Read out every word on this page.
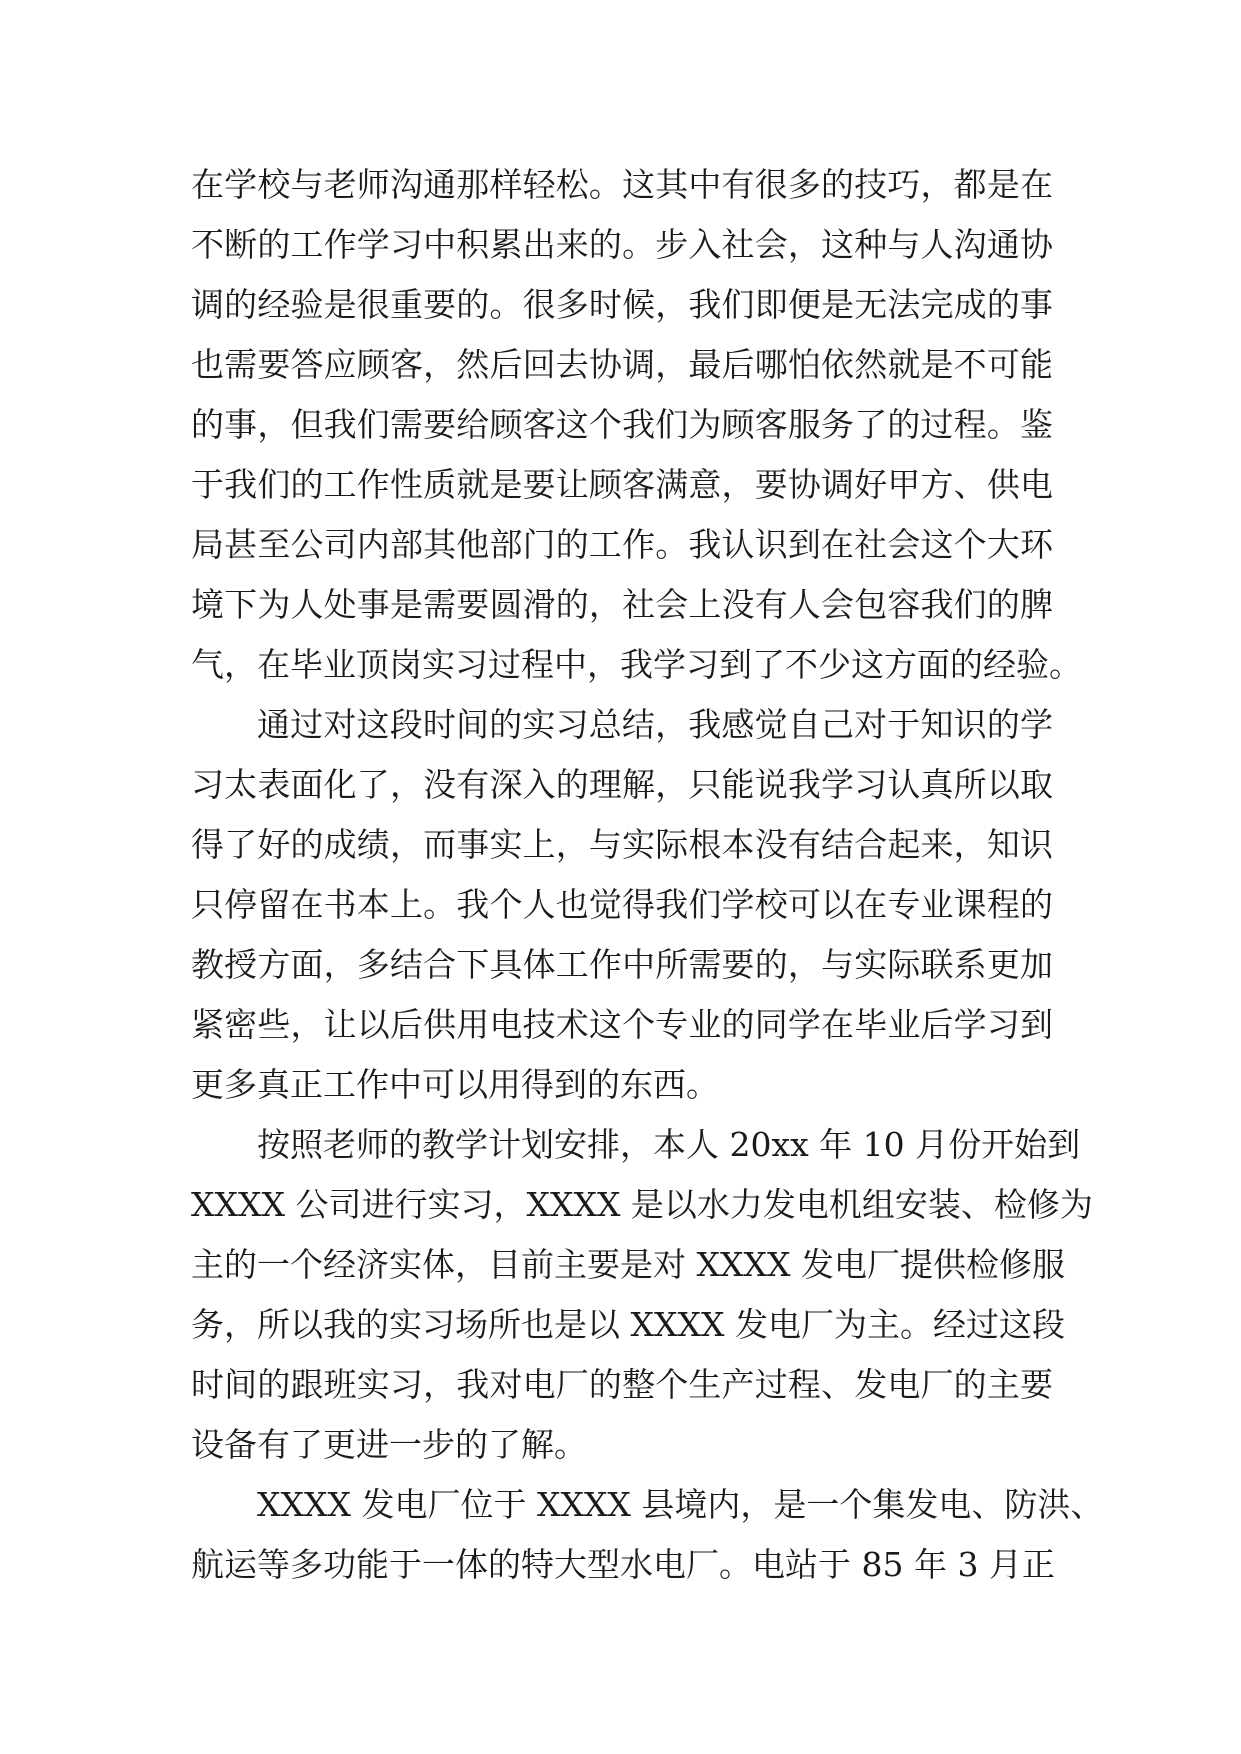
在学校与老师沟通那样轻松。这其中有很多的技巧，都是在
不断的工作学习中积累出来的。步入社会，这种与人沟通协
调的经验是很重要的。很多时候，我们即便是无法完成的事
也需要答应顾客，然后回去协调，最后哪怕依然就是不可能
的事，但我们需要给顾客这个我们为顾客服务了的过程。鉴
于我们的工作性质就是要让顾客满意，要协调好甲方、供电
局甚至公司内部其他部门的工作。我认识到在社会这个大环
境下为人处事是需要圆滑的，社会上没有人会包容我们的脾
气，在毕业顶岗实习过程中，我学习到了不少这方面的经验。
通过对这段时间的实习总结，我感觉自己对于知识的学
习太表面化了，没有深入的理解，只能说我学习认真所以取
得了好的成绩，而事实上，与实际根本没有结合起来，知识
只停留在书本上。我个人也觉得我们学校可以在专业课程的
教授方面，多结合下具体工作中所需要的，与实际联系更加
紧密些，让以后供用电技术这个专业的同学在毕业后学习到
更多真正工作中可以用得到的东西。
按照老师的教学计划安排，本人 20xx 年 10 月份开始到
XXXX 公司进行实习，XXXX 是以水力发电机组安装、检修为
主的一个经济实体，目前主要是对 XXXX 发电厂提供检修服
务，所以我的实习场所也是以 XXXX 发电厂为主。经过这段
时间的跟班实习，我对电厂的整个生产过程、发电厂的主要
设备有了更进一步的了解。
XXXX 发电厂位于 XXXX 县境内，是一个集发电、防洪、
航运等多功能于一体的特大型水电厂。电站于 85 年 3 月正
